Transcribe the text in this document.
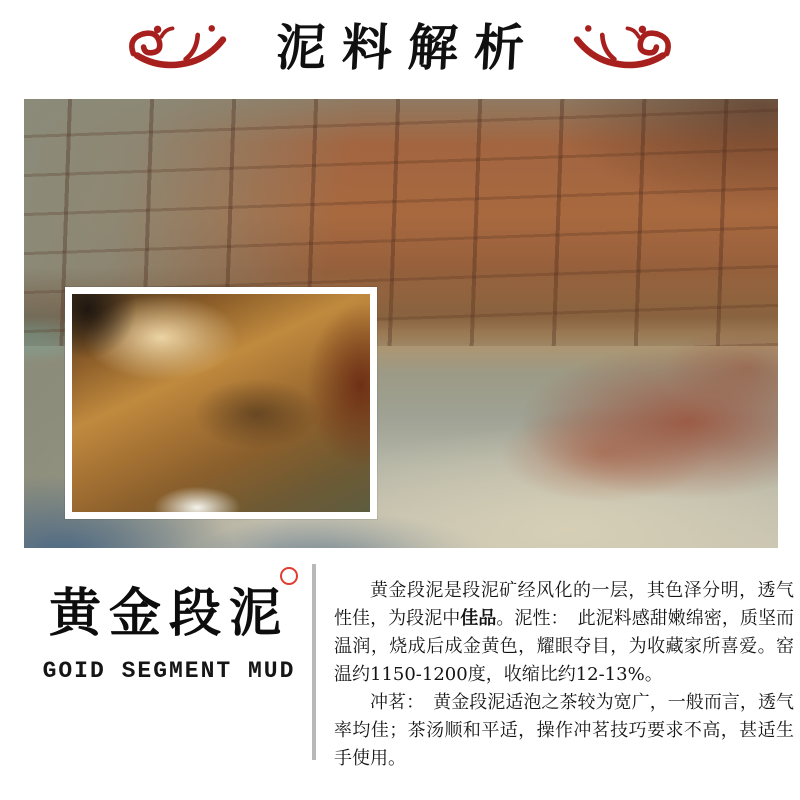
泥料解析
黄金段泥
GOID SEGMENT MUD

黄金段泥是段泥矿经风化的一层，其色泽分明，透气性佳，为段泥中佳品。泥性：　此泥料感甜嫩绵密，质坚而温润，烧成后成金黄色，耀眼夺目，为收藏家所喜爱。窑温约1150-1200度，收缩比约12-13%。

冲茗：　黄金段泥适泡之茶较为宽广，一般而言，透气率均佳；茶汤顺和平适，操作冲茗技巧要求不高，甚适生手使用。
